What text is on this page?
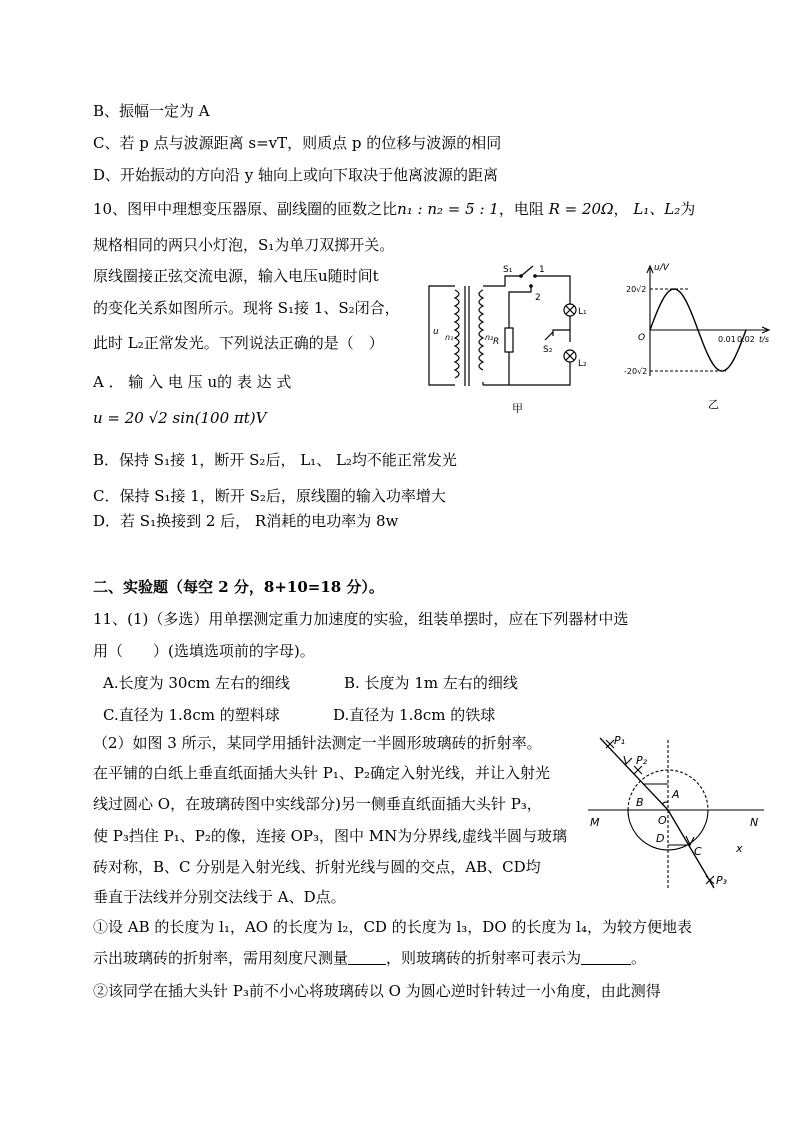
B、振幅一定为 A
C、若 p 点与波源距离 s=vT，则质点 p 的位移与波源的相同
D、开始振动的方向沿 y 轴向上或向下取决于他离波源的距离
10、图甲中理想变压器原、副线圈的匝数之比n₁ : n₂ = 5 : 1，电阻 R = 20Ω， L₁、L₂为
规格相同的两只小灯泡，S₁为单刀双掷开关。
原线圈接正弦交流电源，输入电压u随时间t
的变化关系如图所示。现将 S₁接 1、S₂闭合，
此时 L₂正常发光。下列说法正确的是（　）
A ． 输 入 电 压 u的 表 达 式
u = 20 √2 sin(100 πt)V
B．保持 S₁接 1，断开 S₂后， L₁、 L₂均不能正常发光
C．保持 S₁接 1，断开 S₂后，原线圈的输入功率增大
D．若 S₁换接到 2 后， R消耗的电功率为 8w
S₁	1
2
R
L₁
L₂
S₂
n₁	n₂
u
甲
u/V
20√2
-20√2
O	0.01 0.02 t/s
乙
二、实验题（每空 2 分，8+10=18 分）。
11、(1)（多选）用单摆测定重力加速度的实验，组装单摆时，应在下列器材中选
用（　　）(选填选项前的字母)。
A.长度为 30cm 左右的细线	B. 长度为 1m 左右的细线
C.直径为 1.8cm 的塑料球	D.直径为 1.8cm 的铁球
（2）如图 3 所示，某同学用插针法测定一半圆形玻璃砖的折射率。
在平铺的白纸上垂直纸面插大头针 P₁、P₂确定入射光线，并让入射光
线过圆心 O，在玻璃砖图中实线部分)另一侧垂直纸面插大头针 P₃，
使 P₃挡住 P₁、P₂的像，连接 OP₃，图中 MN为分界线,虚线半圆与玻璃
砖对称，B、C 分别是入射光线、折射光线与圆的交点，AB、CD均
垂直于法线并分别交法线于 A、D点。
①设 AB 的长度为 l₁，AO 的长度为 l₂，CD 的长度为 l₃，DO 的长度为 l₄，为较方便地表
示出玻璃砖的折射率，需用刻度尺测量	，则玻璃砖的折射率可表示为	。
②该同学在插大头针 P₃前不小心将玻璃砖以 O 为圆心逆时针转过一小角度，由此测得
P₁
P₂
P₃
A
B
C
D
O
M	N
x
